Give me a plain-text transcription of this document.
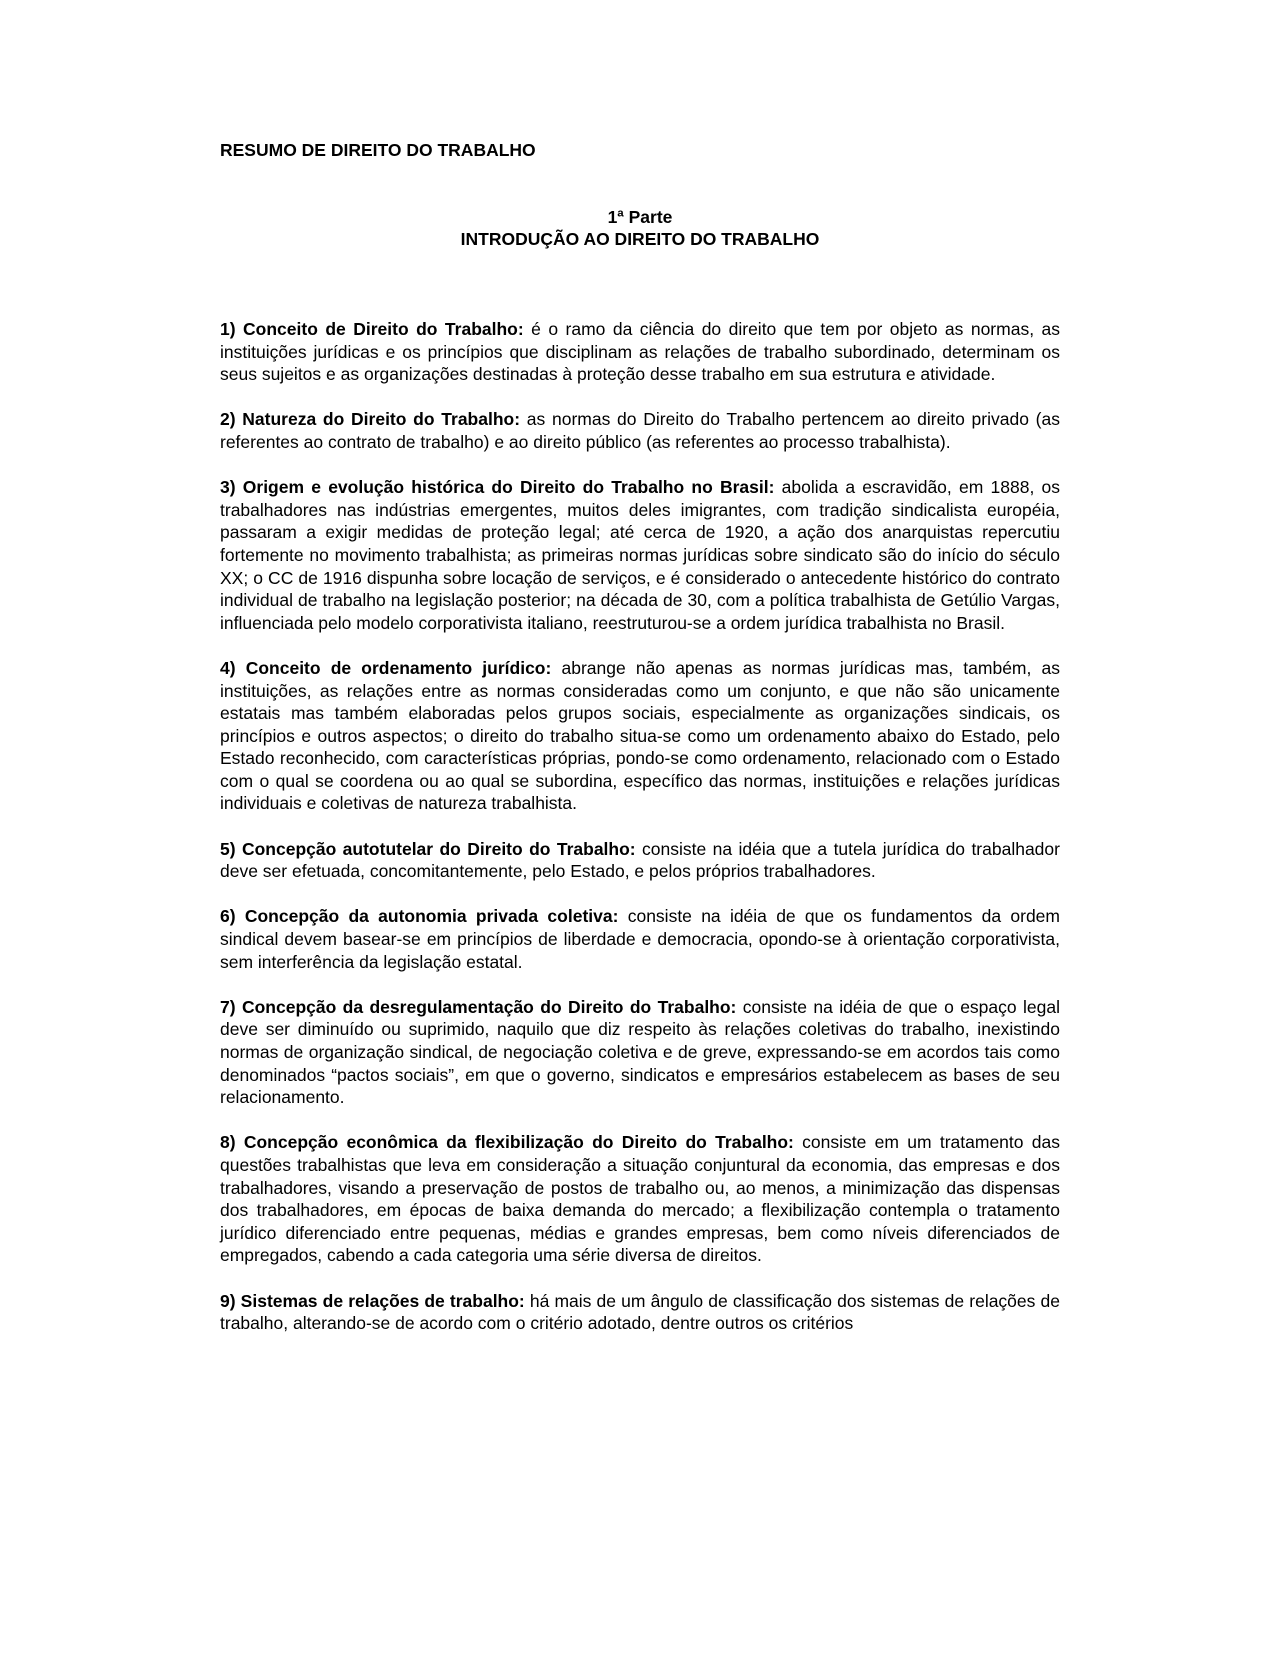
RESUMO DE DIREITO DO TRABALHO
1ª Parte
INTRODUÇÃO AO DIREITO DO TRABALHO

1) Conceito de Direito do Trabalho: é o ramo da ciência do direito que tem por objeto as normas, as instituições jurídicas e os princípios que disciplinam as relações de trabalho subordinado, determinam os seus sujeitos e as organizações destinadas à proteção desse trabalho em sua estrutura e atividade.

2) Natureza do Direito do Trabalho: as normas do Direito do Trabalho pertencem ao direito privado (as referentes ao contrato de trabalho) e ao direito público (as referentes ao processo trabalhista).

3) Origem e evolução histórica do Direito do Trabalho no Brasil: abolida a escravidão, em 1888, os trabalhadores nas indústrias emergentes, muitos deles imigrantes, com tradição sindicalista européia, passaram a exigir medidas de proteção legal; até cerca de 1920, a ação dos anarquistas repercutiu fortemente no movimento trabalhista; as primeiras normas jurídicas sobre sindicato são do início do século XX; o CC de 1916 dispunha sobre locação de serviços, e é considerado o antecedente histórico do contrato individual de trabalho na legislação posterior; na década de 30, com a política trabalhista de Getúlio Vargas, influenciada pelo modelo corporativista italiano, reestruturou-se a ordem jurídica trabalhista no Brasil.

4) Conceito de ordenamento jurídico: abrange não apenas as normas jurídicas mas, também, as instituições, as relações entre as normas consideradas como um conjunto, e que não são unicamente estatais mas também elaboradas pelos grupos sociais, especialmente as organizações sindicais, os princípios e outros aspectos; o direito do trabalho situa-se como um ordenamento abaixo do Estado, pelo Estado reconhecido, com características próprias, pondo-se como ordenamento, relacionado com o Estado com o qual se coordena ou ao qual se subordina, específico das normas, instituições e relações jurídicas individuais e coletivas de natureza trabalhista.

5) Concepção autotutelar do Direito do Trabalho: consiste na idéia que a tutela jurídica do trabalhador deve ser efetuada, concomitantemente, pelo Estado, e pelos próprios trabalhadores.

6) Concepção da autonomia privada coletiva: consiste na idéia de que os fundamentos da ordem sindical devem basear-se em princípios de liberdade e democracia, opondo-se à orientação corporativista, sem interferência da legislação estatal.

7) Concepção da desregulamentação do Direito do Trabalho: consiste na idéia de que o espaço legal deve ser diminuído ou suprimido, naquilo que diz respeito às relações coletivas do trabalho, inexistindo normas de organização sindical, de negociação coletiva e de greve, expressando-se em acordos tais como denominados “pactos sociais”, em que o governo, sindicatos e empresários estabelecem as bases de seu relacionamento.

8) Concepção econômica da flexibilização do Direito do Trabalho: consiste em um tratamento das questões trabalhistas que leva em consideração a situação conjuntural da economia, das empresas e dos trabalhadores, visando a preservação de postos de trabalho ou, ao menos, a minimização das dispensas dos trabalhadores, em épocas de baixa demanda do mercado; a flexibilização contempla o tratamento jurídico diferenciado entre pequenas, médias e grandes empresas, bem como níveis diferenciados de empregados, cabendo a cada categoria uma série diversa de direitos.

9) Sistemas de relações de trabalho: há mais de um ângulo de classificação dos sistemas de relações de trabalho, alterando-se de acordo com o critério adotado, dentre outros os critérios
